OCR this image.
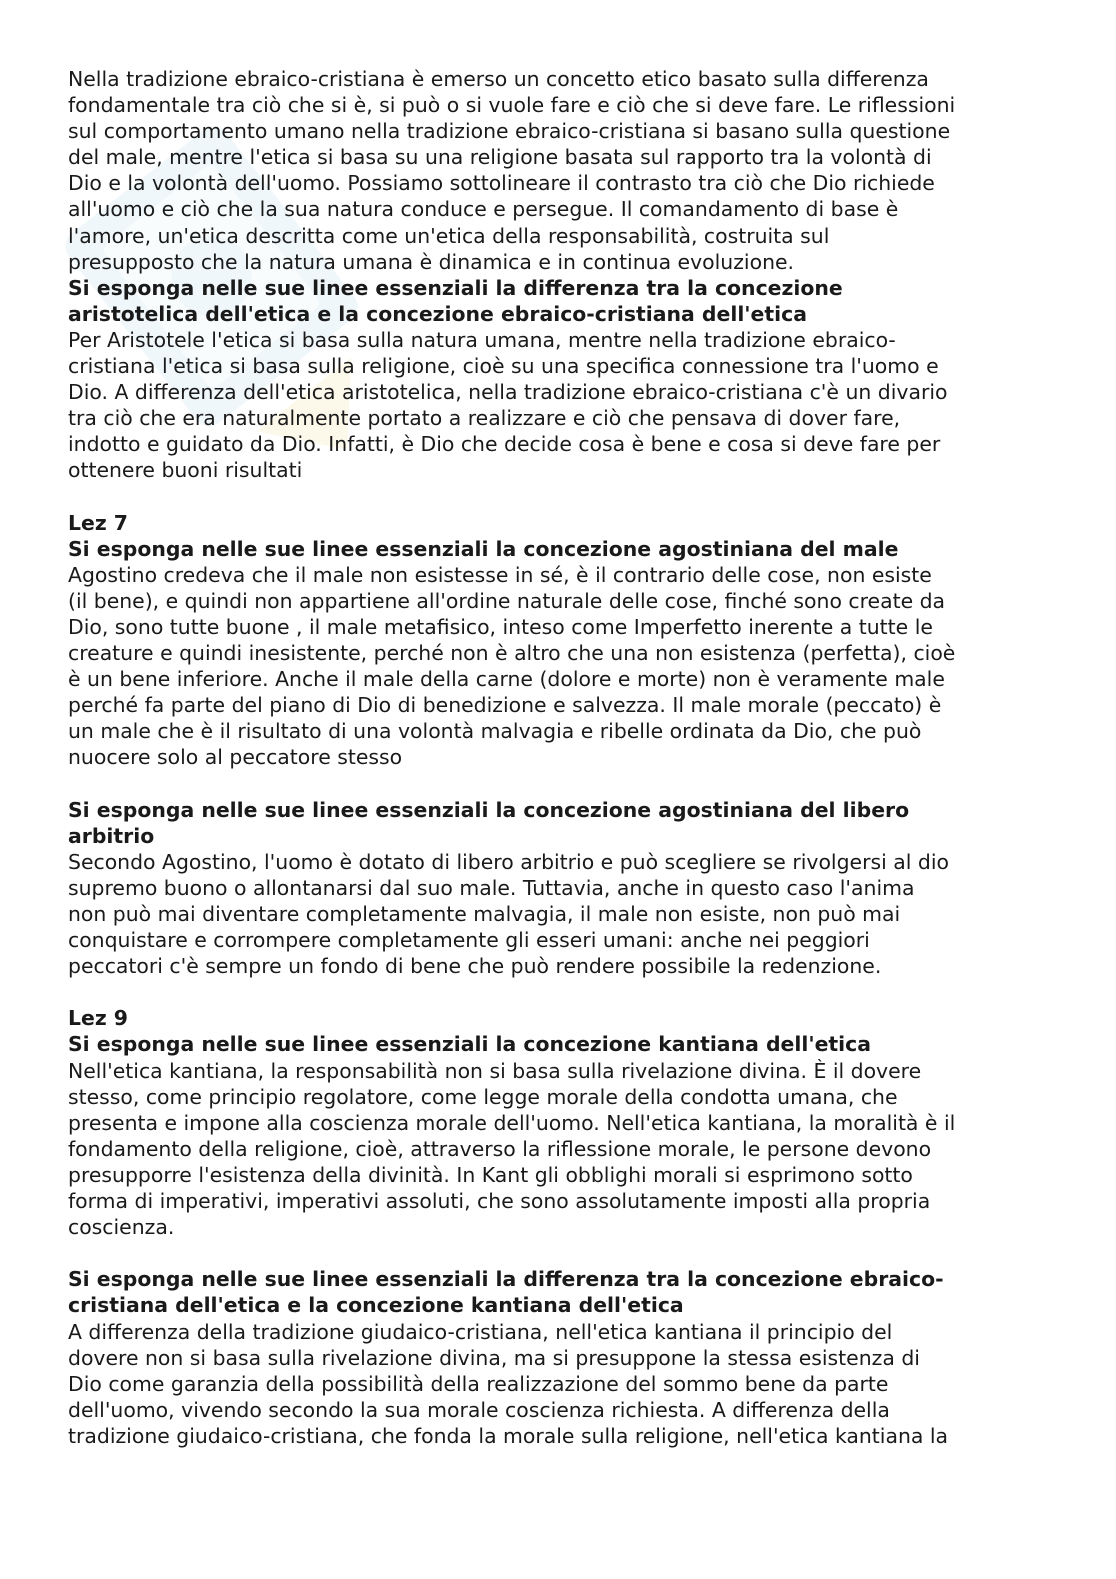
Nella tradizione ebraico-cristiana è emerso un concetto etico basato sulla differenza
fondamentale tra ciò che si è, si può o si vuole fare e ciò che si deve fare. Le riflessioni
sul comportamento umano nella tradizione ebraico-cristiana si basano sulla questione
del male, mentre l'etica si basa su una religione basata sul rapporto tra la volontà di
Dio e la volontà dell'uomo. Possiamo sottolineare il contrasto tra ciò che Dio richiede
all'uomo e ciò che la sua natura conduce e persegue. Il comandamento di base è
l'amore, un'etica descritta come un'etica della responsabilità, costruita sul
presupposto che la natura umana è dinamica e in continua evoluzione.

Si esponga nelle sue linee essenziali la differenza tra la concezione
aristotelica dell'etica e la concezione ebraico-cristiana dell'etica

Per Aristotele l'etica si basa sulla natura umana, mentre nella tradizione ebraico-
cristiana l'etica si basa sulla religione, cioè su una specifica connessione tra l'uomo e
Dio. A differenza dell'etica aristotelica, nella tradizione ebraico-cristiana c'è un divario
tra ciò che era naturalmente portato a realizzare e ciò che pensava di dover fare,
indotto e guidato da Dio. Infatti, è Dio che decide cosa è bene e cosa si deve fare per
ottenere buoni risultati

Lez 7
Si esponga nelle sue linee essenziali la concezione agostiniana del male

Agostino credeva che il male non esistesse in sé, è il contrario delle cose, non esiste
(il bene), e quindi non appartiene all'ordine naturale delle cose, finché sono create da
Dio, sono tutte buone , il male metafisico, inteso come Imperfetto inerente a tutte le
creature e quindi inesistente, perché non è altro che una non esistenza (perfetta), cioè
è un bene inferiore. Anche il male della carne (dolore e morte) non è veramente male
perché fa parte del piano di Dio di benedizione e salvezza. Il male morale (peccato) è
un male che è il risultato di una volontà malvagia e ribelle ordinata da Dio, che può
nuocere solo al peccatore stesso

Si esponga nelle sue linee essenziali la concezione agostiniana del libero
arbitrio

Secondo Agostino, l'uomo è dotato di libero arbitrio e può scegliere se rivolgersi al dio
supremo buono o allontanarsi dal suo male. Tuttavia, anche in questo caso l'anima
non può mai diventare completamente malvagia, il male non esiste, non può mai
conquistare e corrompere completamente gli esseri umani: anche nei peggiori
peccatori c'è sempre un fondo di bene che può rendere possibile la redenzione.

Lez 9
Si esponga nelle sue linee essenziali la concezione kantiana dell'etica

Nell'etica kantiana, la responsabilità non si basa sulla rivelazione divina. È il dovere
stesso, come principio regolatore, come legge morale della condotta umana, che
presenta e impone alla coscienza morale dell'uomo. Nell'etica kantiana, la moralità è il
fondamento della religione, cioè, attraverso la riflessione morale, le persone devono
presupporre l'esistenza della divinità. In Kant gli obblighi morali si esprimono sotto
forma di imperativi, imperativi assoluti, che sono assolutamente imposti alla propria
coscienza.

Si esponga nelle sue linee essenziali la differenza tra la concezione ebraico-
cristiana dell'etica e la concezione kantiana dell'etica

A differenza della tradizione giudaico-cristiana, nell'etica kantiana il principio del
dovere non si basa sulla rivelazione divina, ma si presuppone la stessa esistenza di
Dio come garanzia della possibilità della realizzazione del sommo bene da parte
dell'uomo, vivendo secondo la sua morale coscienza richiesta. A differenza della
tradizione giudaico-cristiana, che fonda la morale sulla religione, nell'etica kantiana la
